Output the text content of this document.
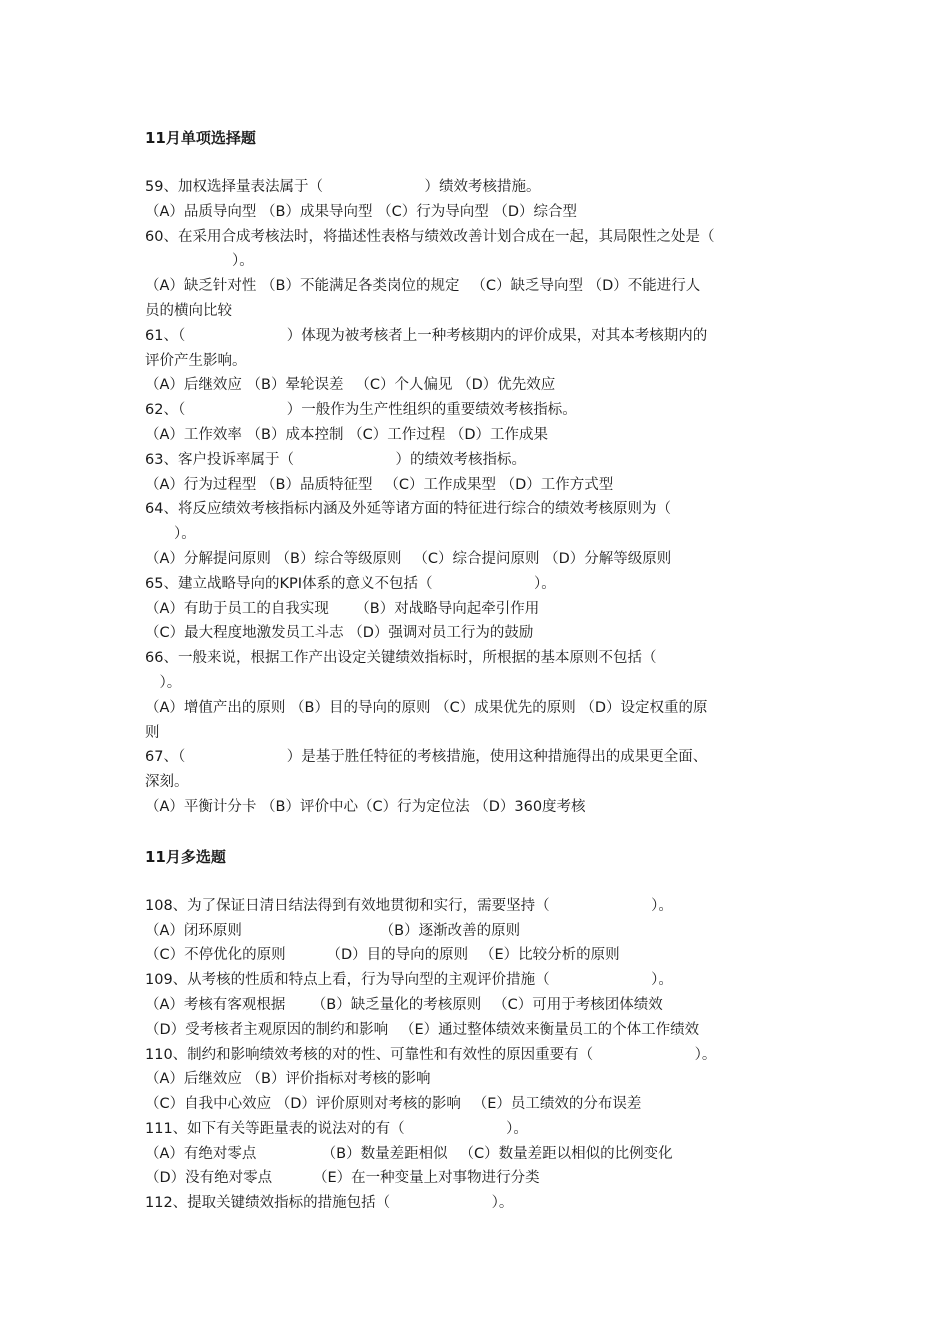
11月单项选择题
59、加权选择量表法属于（　　　　　　　）绩效考核措施。
（A）品质导向型 （B）成果导向型 （C）行为导向型 （D）综合型
60、在采用合成考核法时，将描述性表格与绩效改善计划合成在一起，其局限性之处是（
　　　　　　）。
（A）缺乏针对性 （B）不能满足各类岗位的规定 　（C）缺乏导向型 （D）不能进行人
员的横向比较
61、（　　　　　　　）体现为被考核者上一种考核期内的评价成果，对其本考核期内的
评价产生影响。
（A）后继效应 （B）晕轮误差 　（C）个人偏见 （D）优先效应
62、（　　　　　　　）一般作为生产性组织的重要绩效考核指标。
（A）工作效率 （B）成本控制 （C）工作过程 （D）工作成果
63、客户投诉率属于（　　　　　　　）的绩效考核指标。
（A）行为过程型 （B）品质特征型 　（C）工作成果型 （D）工作方式型
64、将反应绩效考核指标内涵及外延等诸方面的特征进行综合的绩效考核原则为（
　　）。
（A）分解提问原则 （B）综合等级原则 　（C）综合提问原则 （D）分解等级原则
65、建立战略导向的KPI体系的意义不包括（　　　　　　　）。
（A）有助于员工的自我实现 　　（B）对战略导向起牵引作用
（C）最大程度地激发员工斗志 （D）强调对员工行为的鼓励
66、一般来说，根据工作产出设定关键绩效指标时，所根据的基本原则不包括（
　）。
（A）增值产出的原则 （B）目的导向的原则 （C）成果优先的原则 （D）设定权重的原
则
67、（　　　　　　　）是基于胜任特征的考核措施，使用这种措施得出的成果更全面、
深刻。
（A）平衡计分卡 （B）评价中心（C）行为定位法 （D）360度考核
11月多选题
108、为了保证日清日结法得到有效地贯彻和实行，需要坚持（　　　　　　　）。
（A）闭环原则　　　　　　　　　　（B）逐渐改善的原则
（C）不停优化的原则 　　　（D）目的导向的原则 　（E）比较分析的原则
109、从考核的性质和特点上看，行为导向型的主观评价措施（　　　　　　　）。
（A）考核有客观根据 　　（B）缺乏量化的考核原则 　（C）可用于考核团体绩效
（D）受考核者主观原因的制约和影响 　（E）通过整体绩效来衡量员工的个体工作绩效
110、制约和影响绩效考核的对的性、可靠性和有效性的原因重要有（　　　　　　　）。
（A）后继效应 （B）评价指标对考核的影响
（C）自我中心效应 （D）评价原则对考核的影响 　（E）员工绩效的分布误差
111、如下有关等距量表的说法对的有（　　　　　　　）。
（A）有绝对零点　　　　　（B）数量差距相似 　（C）数量差距以相似的比例变化
（D）没有绝对零点 　　　（E）在一种变量上对事物进行分类
112、提取关键绩效指标的措施包括（　　　　　　　）。
